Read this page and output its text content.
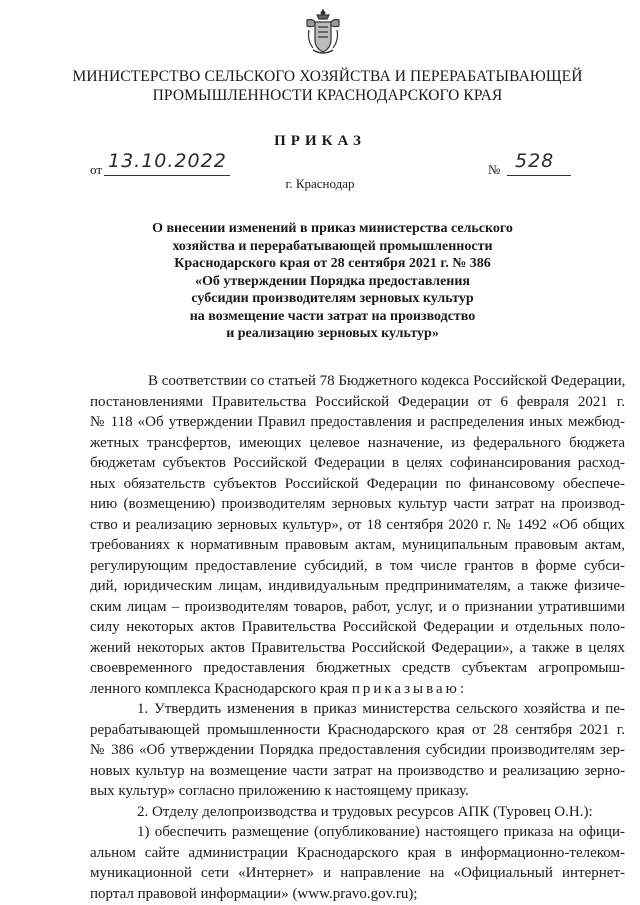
МИНИСТЕРСТВО СЕЛЬСКОГО ХОЗЯЙСТВА И ПЕРЕРАБАТЫВАЮЩЕЙ
ПРОМЫШЛЕННОСТИ КРАСНОДАРСКОГО КРАЯ
ПРИКАЗ
от 13.10.2022	№ 528
г. Краснодар
О внесении изменений в приказ министерства сельского
хозяйства и перерабатывающей промышленности
Краснодарского края от 28 сентября 2021 г. № 386
«Об утверждении Порядка предоставления
субсидии производителям зерновых культур
на возмещение части затрат на производство
и реализацию зерновых культур»
В соответствии со статьей 78 Бюджетного кодекса Российской Федерации,
постановлениями Правительства Российской Федерации от 6 февраля 2021 г.
№ 118 «Об утверждении Правил предоставления и распределения иных межбюд-
жетных трансфертов, имеющих целевое назначение, из федерального бюджета
бюджетам субъектов Российской Федерации в целях софинансирования расход-
ных обязательств субъектов Российской Федерации по финансовому обеспече-
нию (возмещению) производителям зерновых культур части затрат на производ-
ство и реализацию зерновых культур», от 18 сентября 2020 г. № 1492 «Об общих
требованиях к нормативным правовым актам, муниципальным правовым актам,
регулирующим предоставление субсидий, в том числе грантов в форме субси-
дий, юридическим лицам, индивидуальным предпринимателям, а также физиче-
ским лицам – производителям товаров, работ, услуг, и о признании утратившими
силу некоторых актов Правительства Российской Федерации и отдельных поло-
жений некоторых актов Правительства Российской Федерации», а также в целях
своевременного предоставления бюджетных средств субъектам агропромыш-
ленного комплекса Краснодарского края приказываю:
1. Утвердить изменения в приказ министерства сельского хозяйства и пе-
рерабатывающей промышленности Краснодарского края от 28 сентября 2021 г.
№ 386 «Об утверждении Порядка предоставления субсидии производителям зер-
новых культур на возмещение части затрат на производство и реализацию зерно-
вых культур» согласно приложению к настоящему приказу.
2. Отделу делопроизводства и трудовых ресурсов АПК (Туровец О.Н.):
1) обеспечить размещение (опубликование) настоящего приказа на офици-
альном сайте администрации Краснодарского края в информационно-телеком-
муникационной сети «Интернет» и направление на «Официальный интернет-
портал правовой информации» (www.pravo.gov.ru);
